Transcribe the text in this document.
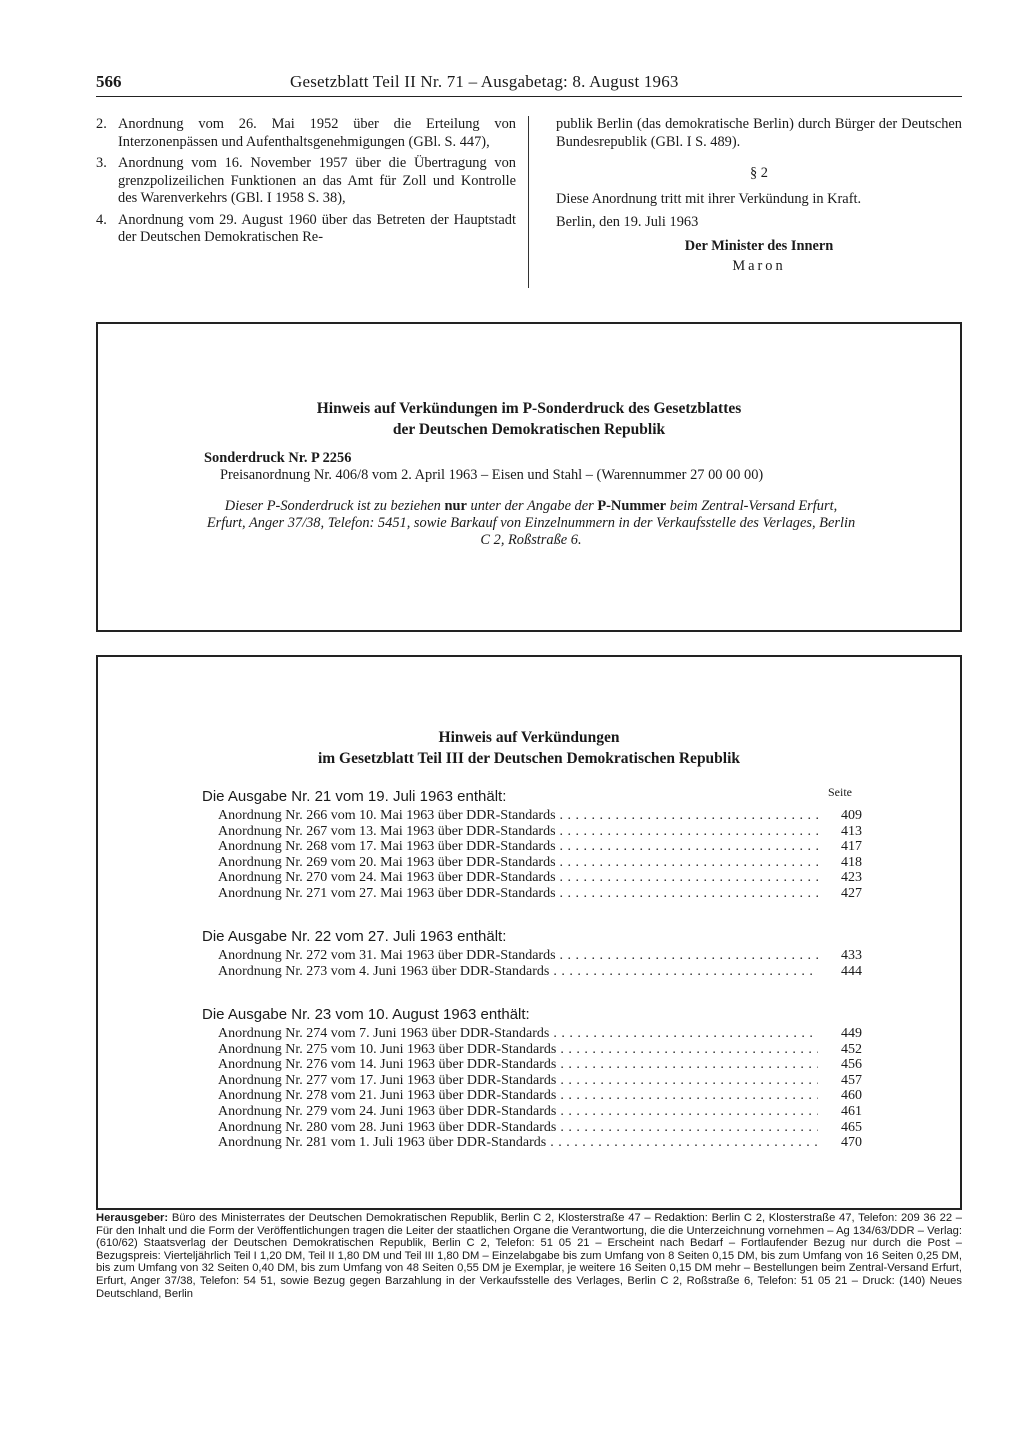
566	Gesetzblatt Teil II Nr. 71 – Ausgabetag: 8. August 1963
2. Anordnung vom 26. Mai 1952 über die Erteilung von Interzonenpässen und Aufenthaltsgenehmigungen (GBl. S. 447),
3. Anordnung vom 16. November 1957 über die Übertragung von grenzpolizeilichen Funktionen an das Amt für Zoll und Kontrolle des Warenverkehrs (GBl. I 1958 S. 38),
4. Anordnung vom 29. August 1960 über das Betreten der Hauptstadt der Deutschen Demokratischen Re-
publik Berlin (das demokratische Berlin) durch Bürger der Deutschen Bundesrepublik (GBl. I S. 489).
§ 2
Diese Anordnung tritt mit ihrer Verkündung in Kraft.
Berlin, den 19. Juli 1963
Der Minister des Innern
Maron
Hinweis auf Verkündungen im P-Sonderdruck des Gesetzblattes
der Deutschen Demokratischen Republik
Sonderdruck Nr. P 2256
Preisanordnung Nr. 406/8 vom 2. April 1963 – Eisen und Stahl – (Warennummer 27 00 00 00)
Dieser P-Sonderdruck ist zu beziehen nur unter der Angabe der P-Nummer beim Zentral-Versand Erfurt, Erfurt, Anger 37/38, Telefon: 5451, sowie Barkauf von Einzelnummern in der Verkaufsstelle des Verlages, Berlin C 2, Roßstraße 6.
Hinweis auf Verkündungen
im Gesetzblatt Teil III der Deutschen Demokratischen Republik
Seite
Die Ausgabe Nr. 21 vom 19. Juli 1963 enthält:
Anordnung Nr. 266 vom 10. Mai 1963 über DDR-Standards . . .	409
Anordnung Nr. 267 vom 13. Mai 1963 über DDR-Standards . . .	413
Anordnung Nr. 268 vom 17. Mai 1963 über DDR-Standards . . .	417
Anordnung Nr. 269 vom 20. Mai 1963 über DDR-Standards . . .	418
Anordnung Nr. 270 vom 24. Mai 1963 über DDR-Standards . . .	423
Anordnung Nr. 271 vom 27. Mai 1963 über DDR-Standards . . .	427
Die Ausgabe Nr. 22 vom 27. Juli 1963 enthält:
Anordnung Nr. 272 vom 31. Mai 1963 über DDR-Standards . . .	433
Anordnung Nr. 273 vom 4. Juni 1963 über DDR-Standards . . .	444
Die Ausgabe Nr. 23 vom 10. August 1963 enthält:
Anordnung Nr. 274 vom 7. Juni 1963 über DDR-Standards . . .	449
Anordnung Nr. 275 vom 10. Juni 1963 über DDR-Standards . . .	452
Anordnung Nr. 276 vom 14. Juni 1963 über DDR-Standards . . .	456
Anordnung Nr. 277 vom 17. Juni 1963 über DDR-Standards . . .	457
Anordnung Nr. 278 vom 21. Juni 1963 über DDR-Standards . . .	460
Anordnung Nr. 279 vom 24. Juni 1963 über DDR-Standards . . .	461
Anordnung Nr. 280 vom 28. Juni 1963 über DDR-Standards . . .	465
Anordnung Nr. 281 vom 1. Juli 1963 über DDR-Standards . . .	470
Herausgeber: Büro des Ministerrates der Deutschen Demokratischen Republik, Berlin C 2, Klosterstraße 47 – Redaktion: Berlin C 2, Klosterstraße 47, Telefon: 209 36 22 – Für den Inhalt und die Form der Veröffentlichungen tragen die Leiter der staatlichen Organe die Verantwortung, die die Unterzeichnung vornehmen – Ag 134/63/DDR – Verlag: (610/62) Staatsverlag der Deutschen Demokratischen Republik, Berlin C 2, Telefon: 51 05 21 – Erscheint nach Bedarf – Fortlaufender Bezug nur durch die Post – Bezugspreis: Vierteljährlich Teil I 1,20 DM, Teil II 1,80 DM und Teil III 1,80 DM – Einzelabgabe bis zum Umfang von 8 Seiten 0,15 DM, bis zum Umfang von 16 Seiten 0,25 DM, bis zum Umfang von 32 Seiten 0,40 DM, bis zum Umfang von 48 Seiten 0,55 DM je Exemplar, je weitere 16 Seiten 0,15 DM mehr – Bestellungen beim Zentral-Versand Erfurt, Erfurt, Anger 37/38, Telefon: 54 51, sowie Bezug gegen Barzahlung in der Verkaufsstelle des Verlages, Berlin C 2, Roßstraße 6, Telefon: 51 05 21 – Druck: (140) Neues Deutschland, Berlin
